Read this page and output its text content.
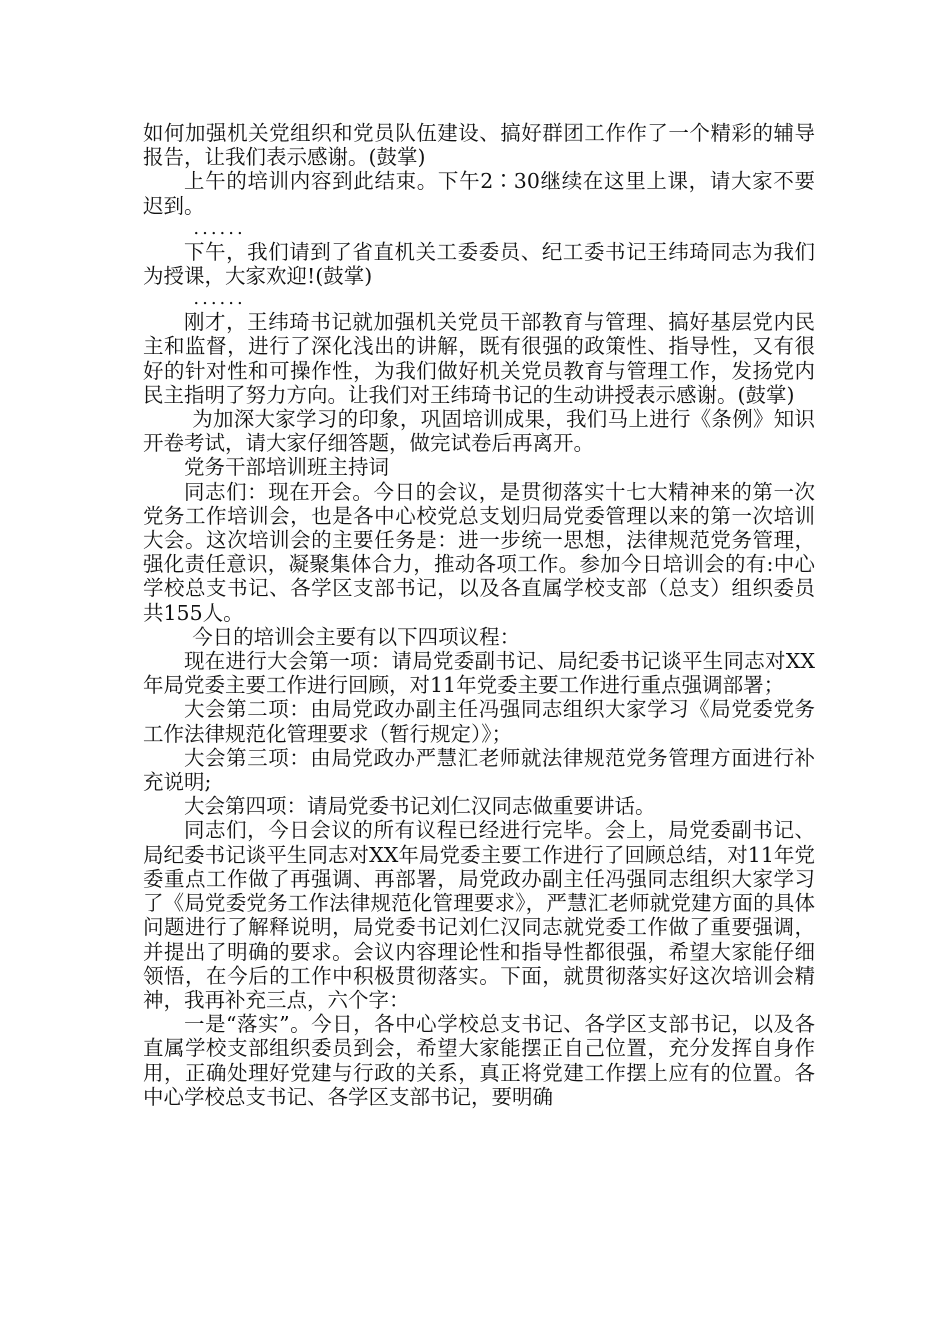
如何加强机关党组织和党员队伍建设、搞好群团工作作了一个精彩的辅导报告，让我们表示感谢。(鼓掌)

上午的培训内容到此结束。下午2∶30继续在这里上课，请大家不要迟到。

......

下午，我们请到了省直机关工委委员、纪工委书记王纬琦同志为我们为授课，大家欢迎!(鼓掌)

......

刚才，王纬琦书记就加强机关党员干部教育与管理、搞好基层党内民主和监督，进行了深化浅出的讲解，既有很强的政策性、指导性，又有很好的针对性和可操作性，为我们做好机关党员教育与管理工作，发扬党内民主指明了努力方向。让我们对王纬琦书记的生动讲授表示感谢。(鼓掌)

为加深大家学习的印象，巩固培训成果，我们马上进行《条例》知识开卷考试，请大家仔细答题，做完试卷后再离开。

党务干部培训班主持词

同志们：现在开会。今日的会议，是贯彻落实十七大精神来的第一次党务工作培训会，也是各中心校党总支划归局党委管理以来的第一次培训大会。这次培训会的主要任务是：进一步统一思想，法律规范党务管理，强化责任意识，凝聚集体合力，推动各项工作。参加今日培训会的有:中心学校总支书记、各学区支部书记，以及各直属学校支部（总支）组织委员共155人。

今日的培训会主要有以下四项议程：

现在进行大会第一项：请局党委副书记、局纪委书记谈平生同志对XX年局党委主要工作进行回顾，对11年党委主要工作进行重点强调部署；

大会第二项：由局党政办副主任冯强同志组织大家学习《局党委党务工作法律规范化管理要求（暂行规定）》；

大会第三项：由局党政办严慧汇老师就法律规范党务管理方面进行补充说明;

大会第四项：请局党委书记刘仁汉同志做重要讲话。

同志们，今日会议的所有议程已经进行完毕。会上，局党委副书记、局纪委书记谈平生同志对XX年局党委主要工作进行了回顾总结，对11年党委重点工作做了再强调、再部署，局党政办副主任冯强同志组织大家学习了《局党委党务工作法律规范化管理要求》，严慧汇老师就党建方面的具体问题进行了解释说明，局党委书记刘仁汉同志就党委工作做了重要强调，并提出了明确的要求。会议内容理论性和指导性都很强，希望大家能仔细领悟，在今后的工作中积极贯彻落实。下面，就贯彻落实好这次培训会精神，我再补充三点，六个字：

一是“落实”。今日，各中心学校总支书记、各学区支部书记，以及各直属学校支部组织委员到会，希望大家能摆正自己位置，充分发挥自身作用，正确处理好党建与行政的关系，真正将党建工作摆上应有的位置。各中心学校总支书记、各学区支部书记，要明确
